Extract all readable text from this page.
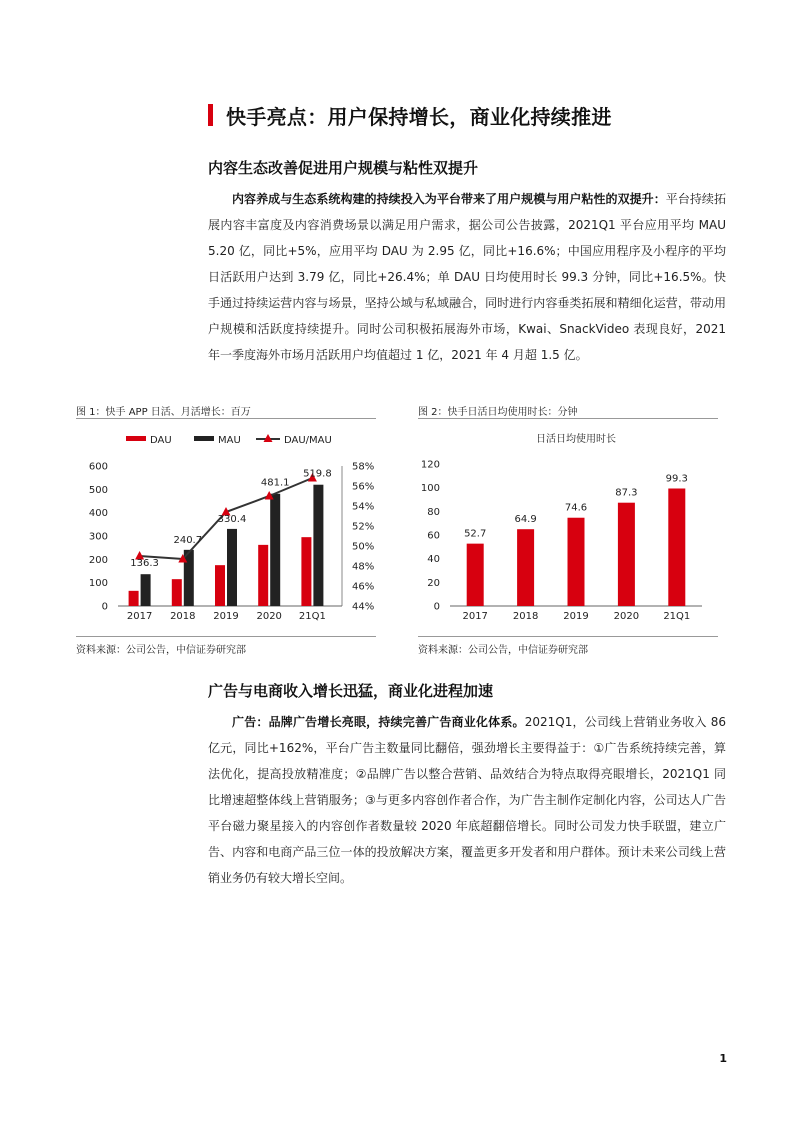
快手亮点：用户保持增长，商业化持续推进
内容生态改善促进用户规模与粘性双提升
内容养成与生态系统构建的持续投入为平台带来了用户规模与用户粘性的双提升：平台持续拓展内容丰富度及内容消费场景以满足用户需求，据公司公告披露，2021Q1 平台应用平均 MAU 5.20 亿，同比+5%，应用平均 DAU 为 2.95 亿，同比+16.6%；中国应用程序及小程序的平均日活跃用户达到 3.79 亿，同比+26.4%；单 DAU 日均使用时长 99.3 分钟，同比+16.5%。快手通过持续运营内容与场景，坚持公域与私域融合，同时进行内容垂类拓展和精细化运营，带动用户规模和活跃度持续提升。同时公司积极拓展海外市场，Kwai、SnackVideo 表现良好，2021 年一季度海外市场月活跃用户均值超过 1 亿，2021 年 4 月超 1.5 亿。
图 1：快手 APP 日活、月活增长：百万
DAU	MAU	DAU/MAU
0
100
200
300
400
500
600
44%
46%
48%
50%
52%
54%
56%
58%
2017 2018 2019 2020 21Q1
136.3
240.7
330.4
481.1
519.8
资料来源：公司公告，中信证券研究部
图 2：快手日活日均使用时长：分钟
日活日均使用时长
0
20
40
60
80
100
120
52.7
2017
64.9
2018
74.6
2019
87.3
2020
99.3
21Q1
资料来源：公司公告，中信证券研究部
广告与电商收入增长迅猛，商业化进程加速
广告：品牌广告增长亮眼，持续完善广告商业化体系。2021Q1，公司线上营销业务收入 86 亿元，同比+162%，平台广告主数量同比翻倍，强劲增长主要得益于：①广告系统持续完善，算法优化，提高投放精准度；②品牌广告以整合营销、品效结合为特点取得亮眼增长，2021Q1 同比增速超整体线上营销服务；③与更多内容创作者合作，为广告主制作定制化内容，公司达人广告平台磁力聚星接入的内容创作者数量较 2020 年底超翻倍增长。同时公司发力快手联盟，建立广告、内容和电商产品三位一体的投放解决方案，覆盖更多开发者和用户群体。预计未来公司线上营销业务仍有较大增长空间。
1
